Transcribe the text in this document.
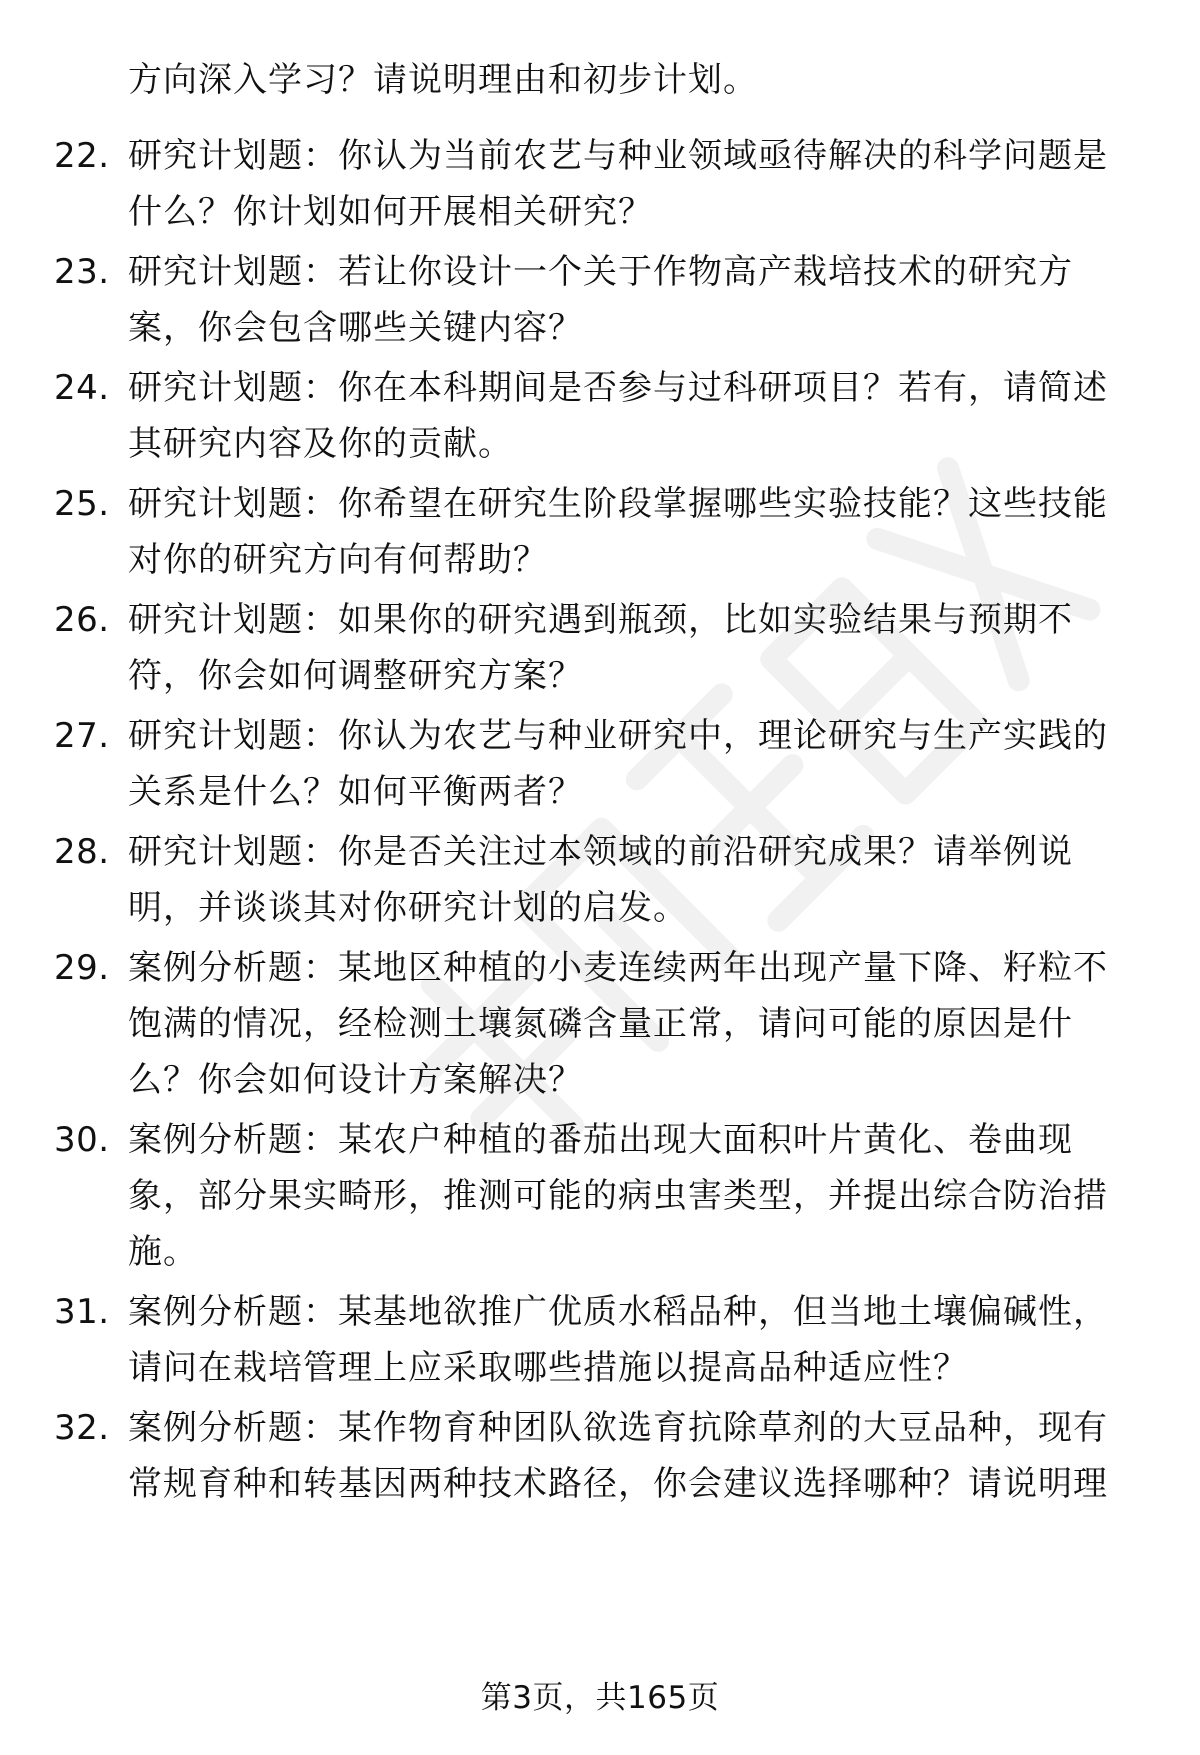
方向深入学习？请说明理由和初步计划。
22. 研究计划题：你认为当前农艺与种业领域亟待解决的科学问题是什么？你计划如何开展相关研究？
23. 研究计划题：若让你设计一个关于作物高产栽培技术的研究方案，你会包含哪些关键内容？
24. 研究计划题：你在本科期间是否参与过科研项目？若有，请简述其研究内容及你的贡献。
25. 研究计划题：你希望在研究生阶段掌握哪些实验技能？这些技能对你的研究方向有何帮助？
26. 研究计划题：如果你的研究遇到瓶颈，比如实验结果与预期不符，你会如何调整研究方案？
27. 研究计划题：你认为农艺与种业研究中，理论研究与生产实践的关系是什么？如何平衡两者？
28. 研究计划题：你是否关注过本领域的前沿研究成果？请举例说明，并谈谈其对你研究计划的启发。
29. 案例分析题：某地区种植的小麦连续两年出现产量下降、籽粒不饱满的情况，经检测土壤氮磷含量正常，请问可能的原因是什么？你会如何设计方案解决？
30. 案例分析题：某农户种植的番茄出现大面积叶片黄化、卷曲现象，部分果实畸形，推测可能的病虫害类型，并提出综合防治措施。
31. 案例分析题：某基地欲推广优质水稻品种，但当地土壤偏碱性，请问在栽培管理上应采取哪些措施以提高品种适应性？
32. 案例分析题：某作物育种团队欲选育抗除草剂的大豆品种，现有常规育种和转基因两种技术路径，你会建议选择哪种？请说明理
第3页，共165页
